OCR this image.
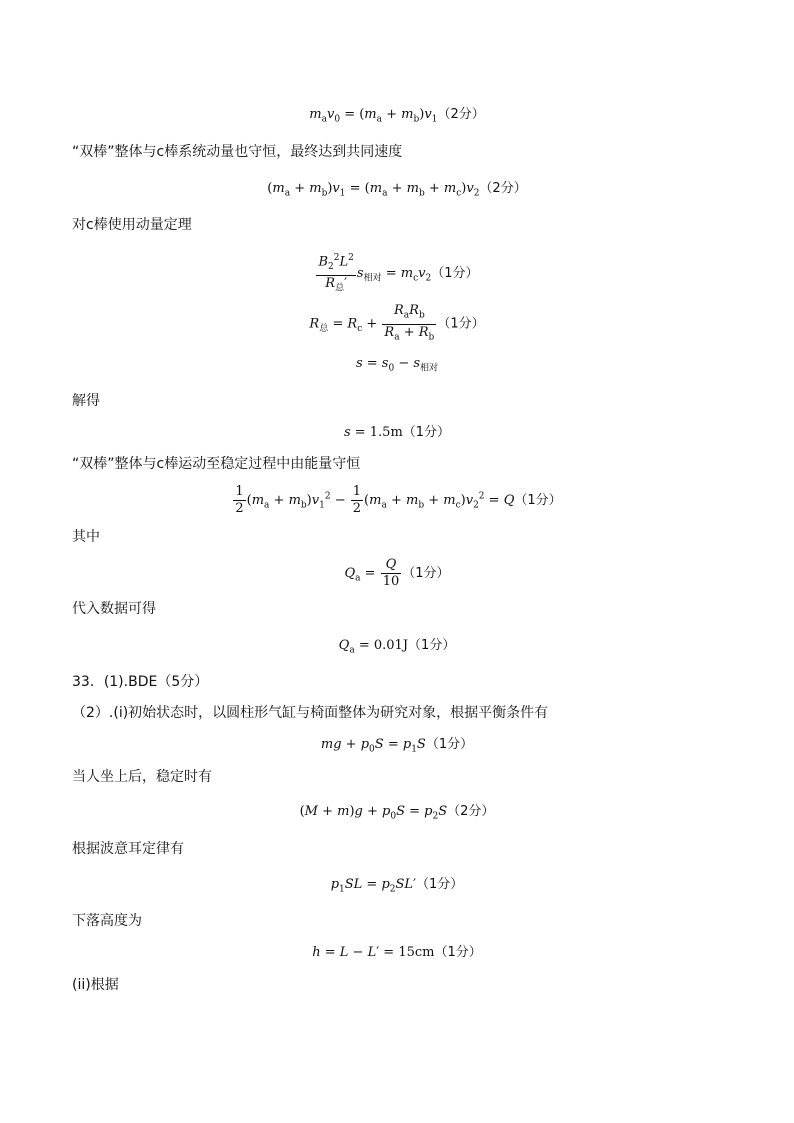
$m_av_0 = (m_a + m_b)v_1(2$分）
“双棒”整体与c棒系统动量也守恒，最终达到共同速度
$(m_a + m_b)v_1 = (m_a + m_b + m_c)v_2(2$分）
对c棒使用动量定理
$\frac{B_2^2L^2}{R_总'} s_{相对} = m_cv_2(1$分）
$R_总 = R_c + \frac{R_aR_b}{R_a + R_b} (1$分）
$s = s_0 - s_{相对}$
解得
s = 1.5m（1分）
“双棒”整体与c棒运动至稳定过程中由能量守恒
$\frac{1}{2} (m_a + m_b)v_1^2 - \frac{1}{2} (m_a + m_b + m_c)v_2^2 = Q(1$分）
其中
$Q_a = \frac{Q}{10} (1$分）
代入数据可得
$Q_a = 0.01J(1$分）
33．(1).BDE（5分）
（2）.(i)初始状态时，以圆柱形气缸与椅面整体为研究对象，根据平衡条件有
mg + $p_0S = p_1S(1$分）
当人坐上后，稳定时有
$(M + m)g + p_0S = p_2S(2$分）
根据波意耳定律有
$p_1SL = p_2SL'(1$分）
下落高度为
h = L − L′ = 15cm（1分）
(ii)根据
